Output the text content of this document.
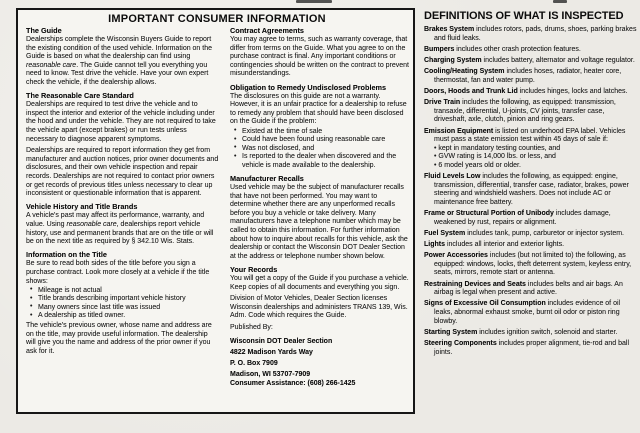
IMPORTANT CONSUMER INFORMATION
The Guide
Dealerships complete the Wisconsin Buyers Guide to report the existing condition of the used vehicle. Information on the Guide is based on what the dealership can find using reasonable care. The Guide cannot tell you everything you need to know. Test drive the vehicle. Have your own expert check the vehicle, if the dealership allows.
The Reasonable Care Standard
Dealerships are required to test drive the vehicle and to inspect the interior and exterior of the vehicle including under the hood and under the vehicle. They are not required to take the vehicle apart (except brakes) or run tests unless necessary to diagnose apparent symptoms.
Dealerships are required to report information they get from manufacturer and auction notices, prior owner documents and disclosures, and their own vehicle inspection and repair records. Dealerships are not required to contact prior owners or get records of previous titles unless necessary to clear up inconsistent or questionable information that is apparent.
Vehicle History and Title Brands
A vehicle's past may affect its performance, warranty, and value. Using reasonable care, dealerships report vehicle history, use and permanent brands that are on the title or will be on the next title as required by § 342.10 Wis. Stats.
Information on the Title
Be sure to read both sides of the title before you sign a purchase contract. Look more closely at a vehicle if the title shows:
• Mileage is not actual
• Title brands describing important vehicle history
• Many owners since last title was issued
• A dealership as titled owner.
The vehicle's previous owner, whose name and address are on the title, may provide useful information. The dealership will give you the name and address of the prior owner if you ask for it.
Contract Agreements
You may agree to terms, such as warranty coverage, that differ from terms on the Guide. What you agree to on the purchase contract is final. Any important conditions or contingencies should be written on the contract to prevent misunderstandings.
Obligation to Remedy Undisclosed Problems
The disclosures on this guide are not a warranty. However, it is an unfair practice for a dealership to refuse to remedy any problem that should have been disclosed on the Guide if the problem:
• Existed at the time of sale
• Could have been found using reasonable care
• Was not disclosed, and
• Is reported to the dealer when discovered and the vehicle is made available to the dealership.
Manufacturer Recalls
Used vehicle may be the subject of manufacturer recalls that have not been performed. You may want to determine whether there are any unperformed recalls before you buy a vehicle or take delivery. Many manufacturers have a telephone number which may be called to obtain this information. For further information about how to inquire about recalls for this vehicle, ask the dealership or contact the Wisconsin DOT Dealer Section at the address or telephone number shown below.
Your Records
You will get a copy of the Guide if you purchase a vehicle. Keep copies of all documents and everything you sign.
Division of Motor Vehicles, Dealer Section licenses Wisconsin dealerships and administers TRANS 139, Wis. Adm. Code which requires the Guide.
Published By:
Wisconsin DOT Dealer Section
4822 Madison Yards Way
P. O. Box 7909
Madison, WI 53707-7909
Consumer Assistance: (608) 266-1425
DEFINITIONS OF WHAT IS INSPECTED
Brakes System includes rotors, pads, drums, shoes, parking brakes and fluid leaks.
Bumpers includes other crash protection features.
Charging System includes battery, alternator and voltage regulator.
Cooling/Heating System includes hoses, radiator, heater core, thermostat, fan and water pump.
Doors, Hoods and Trunk Lid includes hinges, locks and latches.
Drive Train includes the following, as equipped: transmission, transaxle, differential, U-joints, CV joints, transfer case, driveshaft, axle, clutch, pinion and ring gears.
Emission Equipment is listed on underhood EPA label. Vehicles must pass a state emission test within 45 days of sale if:
• kept in mandatory testing counties, and
• GVW rating is 14,000 lbs. or less, and
• 6 model years old or older.
Fluid Levels Low includes the following, as equipped: engine, transmission, differential, transfer case, radiator, brakes, power steering and windshield washers. Does not include AC or maintenance free battery.
Frame or Structural Portion of Unibody includes damage, weakened by rust, repairs or alignment.
Fuel System includes tank, pump, carburetor or injector system.
Lights includes all interior and exterior lights.
Power Accessories includes (but not limited to) the following, as equipped: windows, locks, theft deterrent system, keyless entry, seats, mirrors, remote start or antenna.
Restraining Devices and Seats includes belts and air bags. An airbag is legal when present and active.
Signs of Excessive Oil Consumption includes evidence of oil leaks, abnormal exhaust smoke, burnt oil odor or piston ring blowby.
Starting System includes ignition switch, solenoid and starter.
Steering Components includes proper alignment, tie-rod and ball joints.
